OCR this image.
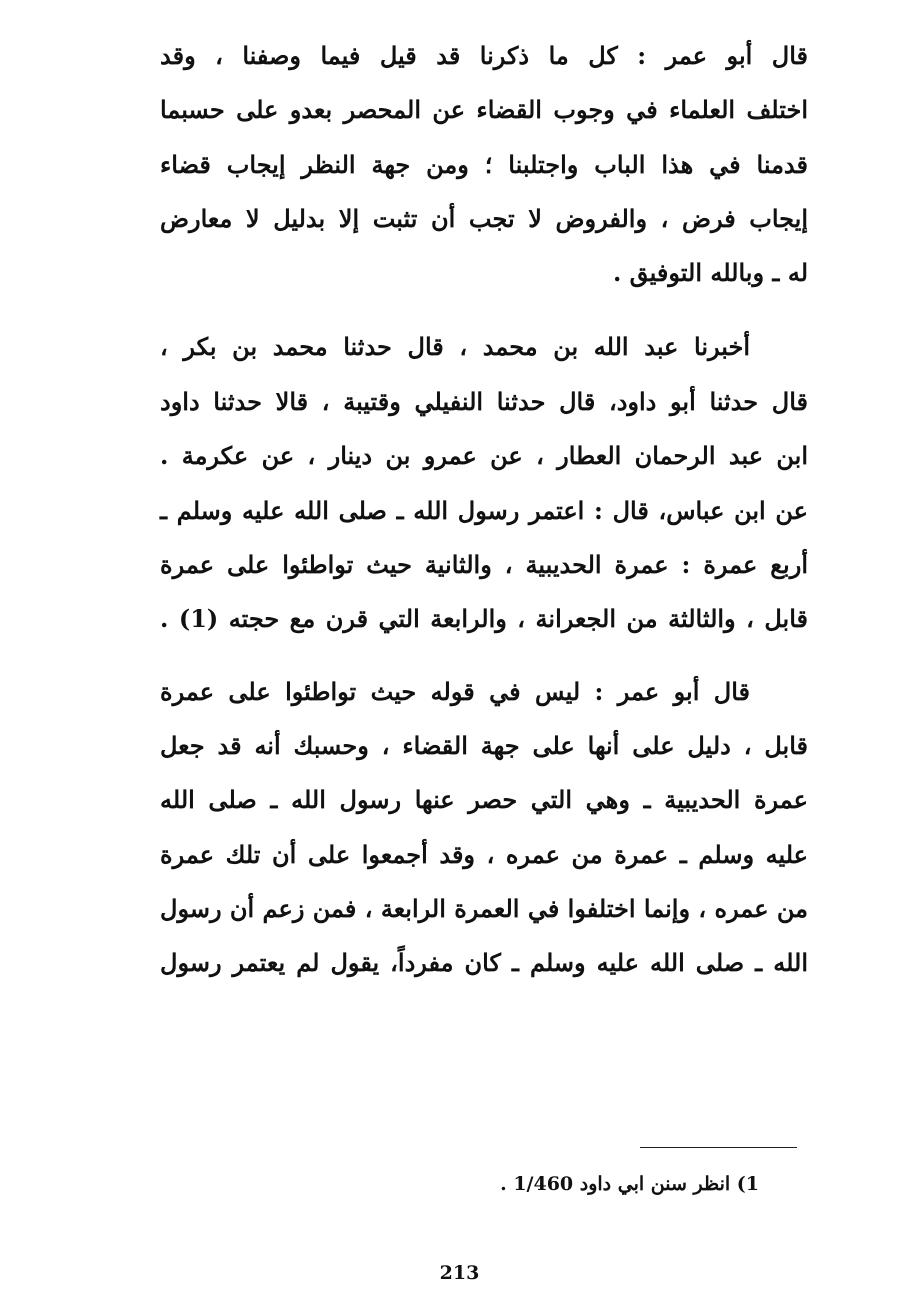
قال أبو عمر : كل ما ذكرنا قد قيل فيما وصفنا ، وقد
اختلف العلماء في وجوب القضاء عن المحصر بعدو على حسبما
قدمنا في هذا الباب واجتلبنا ؛ ومن جهة النظر إيجاب قضاء
إيجاب فرض ، والفروض لا تجب أن تثبت إلا بدليل لا معارض
له ـ وبالله التوفيق .
أخبرنا عبد الله بن محمد ، قال حدثنا محمد بن بكر ،
قال حدثنا أبو داود، قال حدثنا النفيلي وقتيبة ، قالا حدثنا داود
ابن عبد الرحمان العطار ، عن عمرو بن دينار ، عن عكرمة .
عن ابن عباس، قال : اعتمر رسول الله ـ صلى الله عليه وسلم ـ
أربع عمرة : عمرة الحديبية ، والثانية حيث تواطئوا على عمرة
قابل ، والثالثة من الجعرانة ، والرابعة التي قرن مع حجته (1) .
قال أبو عمر : ليس في قوله حيث تواطئوا على عمرة
قابل ، دليل على أنها على جهة القضاء ، وحسبك أنه قد جعل
عمرة الحديبية ـ وهي التي حصر عنها رسول الله ـ صلى الله
عليه وسلم ـ عمرة من عمره ، وقد أجمعوا على أن تلك عمرة
من عمره ، وإنما اختلفوا في العمرة الرابعة ، فمن زعم أن رسول
الله ـ صلى الله عليه وسلم ـ كان مفرداً، يقول لم يعتمر رسول
1) انظر سنن ابي داود 1/460 .
213
